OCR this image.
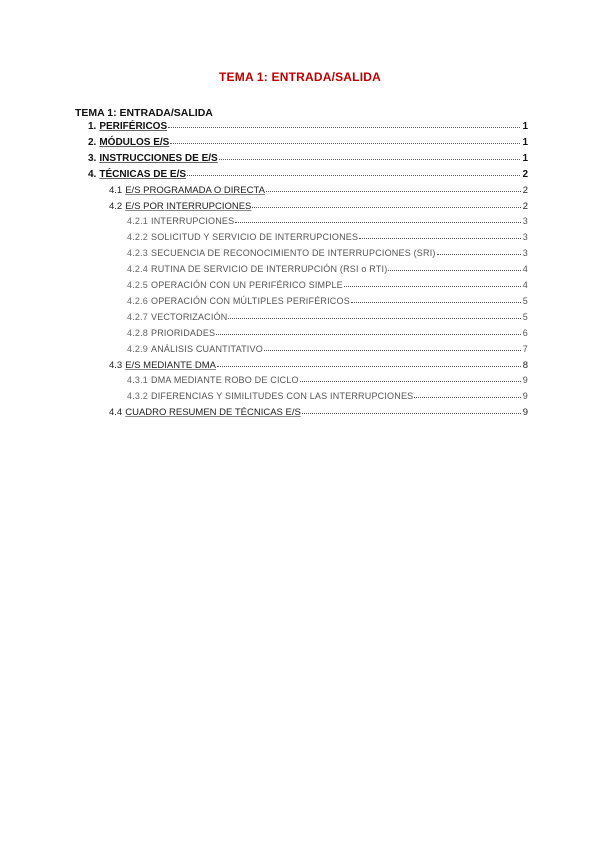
TEMA 1: ENTRADA/SALIDA
TEMA 1: ENTRADA/SALIDA
1. PERIFÉRICOS	1
2. MÓDULOS E/S	1
3. INSTRUCCIONES DE E/S	1
4. TÉCNICAS DE E/S	2
4.1 E/S PROGRAMADA O DIRECTA	2
4.2 E/S POR INTERRUPCIONES	2
4.2.1 INTERRUPCIONES	3
4.2.2 SOLICITUD Y SERVICIO DE INTERRUPCIONES	3
4.2.3 SECUENCIA DE RECONOCIMIENTO DE INTERRUPCIONES (SRI)	3
4.2.4 RUTINA DE SERVICIO DE INTERRUPCIÓN (RSI o RTI)	4
4.2.5 OPERACIÓN CON UN PERIFÉRICO SIMPLE	4
4.2.6 OPERACIÓN CON MÚLTIPLES PERIFÉRICOS	5
4.2.7 VECTORIZACIÓN	5
4.2.8 PRIORIDADES	6
4.2.9 ANÁLISIS CUANTITATIVO	7
4.3 E/S MEDIANTE DMA	8
4.3.1 DMA MEDIANTE ROBO DE CICLO	9
4.3.2 DIFERENCIAS Y SIMILITUDES CON LAS INTERRUPCIONES	9
4.4 CUADRO RESUMEN DE TÉCNICAS E/S	9
